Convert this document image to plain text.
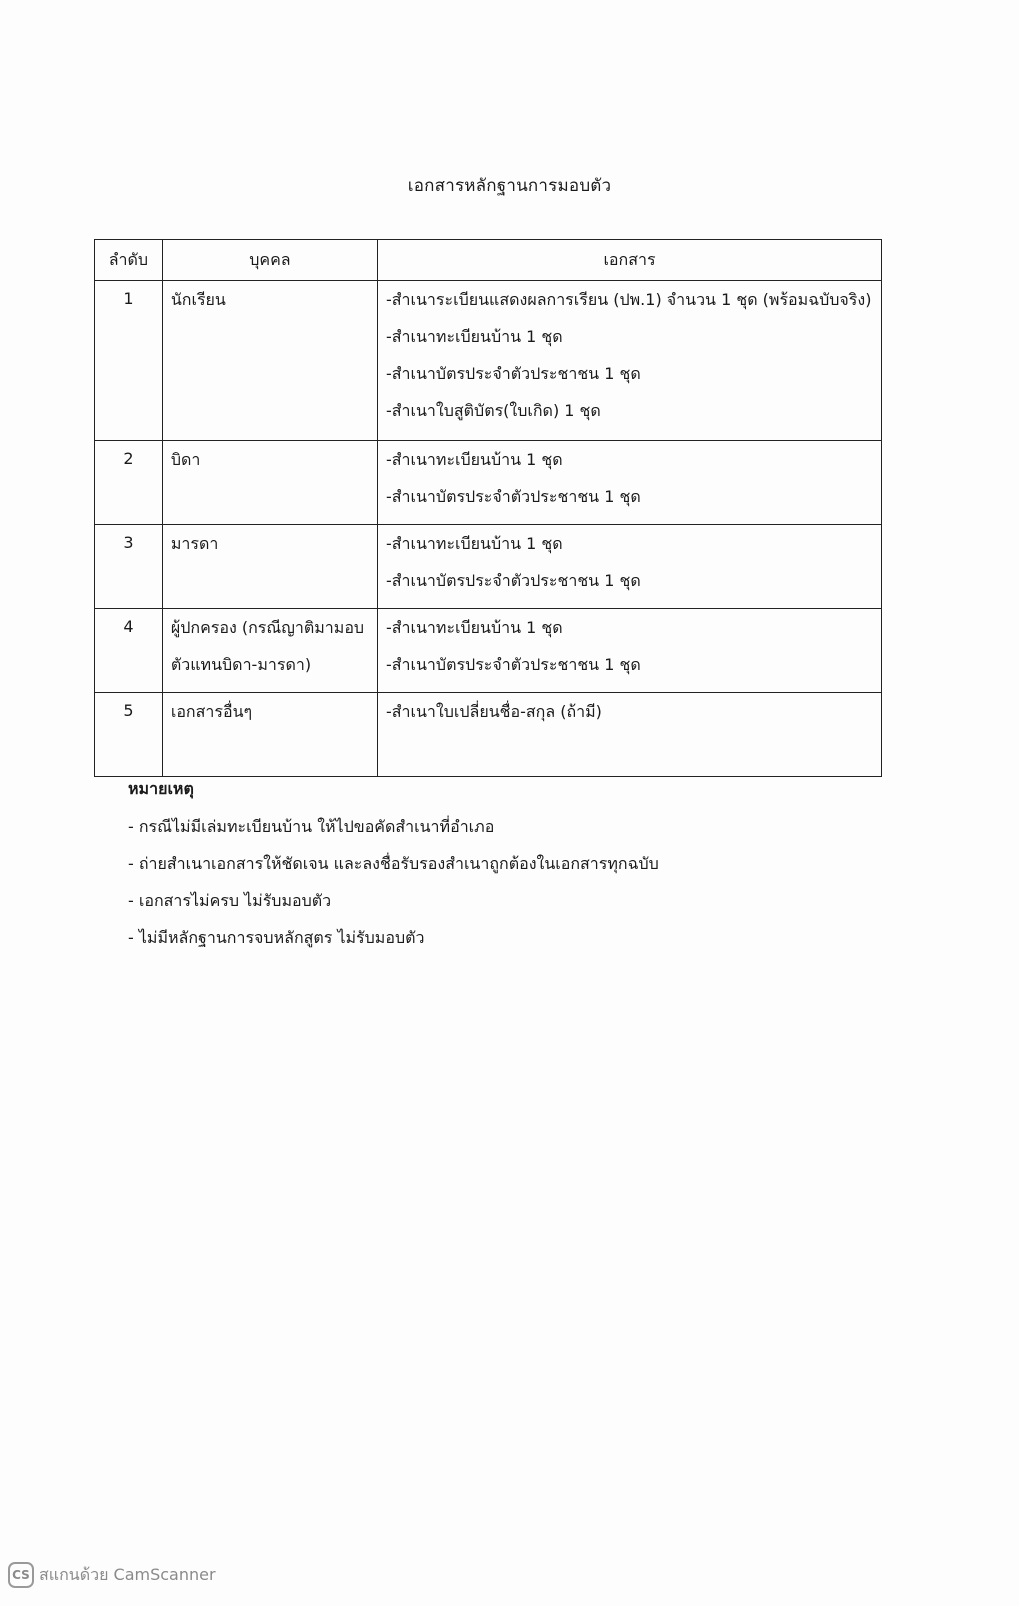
เอกสารหลักฐานการมอบตัว
ลำดับ	บุคคล	เอกสาร
1	นักเรียน	-สำเนาระเบียนแสดงผลการเรียน (ปพ.1) จำนวน 1 ชุด (พร้อมฉบับจริง)
-สำเนาทะเบียนบ้าน 1 ชุด
-สำเนาบัตรประจำตัวประชาชน 1 ชุด
-สำเนาใบสูติบัตร(ใบเกิด) 1 ชุด

2	บิดา	-สำเนาทะเบียนบ้าน 1 ชุด
-สำเนาบัตรประจำตัวประชาชน 1 ชุด

3	มารดา	-สำเนาทะเบียนบ้าน 1 ชุด
-สำเนาบัตรประจำตัวประชาชน 1 ชุด

4	ผู้ปกครอง (กรณีญาติมามอบ
ตัวแทนบิดา-มารดา)	-สำเนาทะเบียนบ้าน 1 ชุด
-สำเนาบัตรประจำตัวประชาชน 1 ชุด

5	เอกสารอื่นๆ	-สำเนาใบเปลี่ยนชื่อ-สกุล (ถ้ามี)
หมายเหตุ
- กรณีไม่มีเล่มทะเบียนบ้าน ให้ไปขอคัดสำเนาที่อำเภอ
- ถ่ายสำเนาเอกสารให้ชัดเจน และลงชื่อรับรองสำเนาถูกต้องในเอกสารทุกฉบับ
- เอกสารไม่ครบ ไม่รับมอบตัว
- ไม่มีหลักฐานการจบหลักสูตร ไม่รับมอบตัว
CS สแกนด้วย CamScanner
